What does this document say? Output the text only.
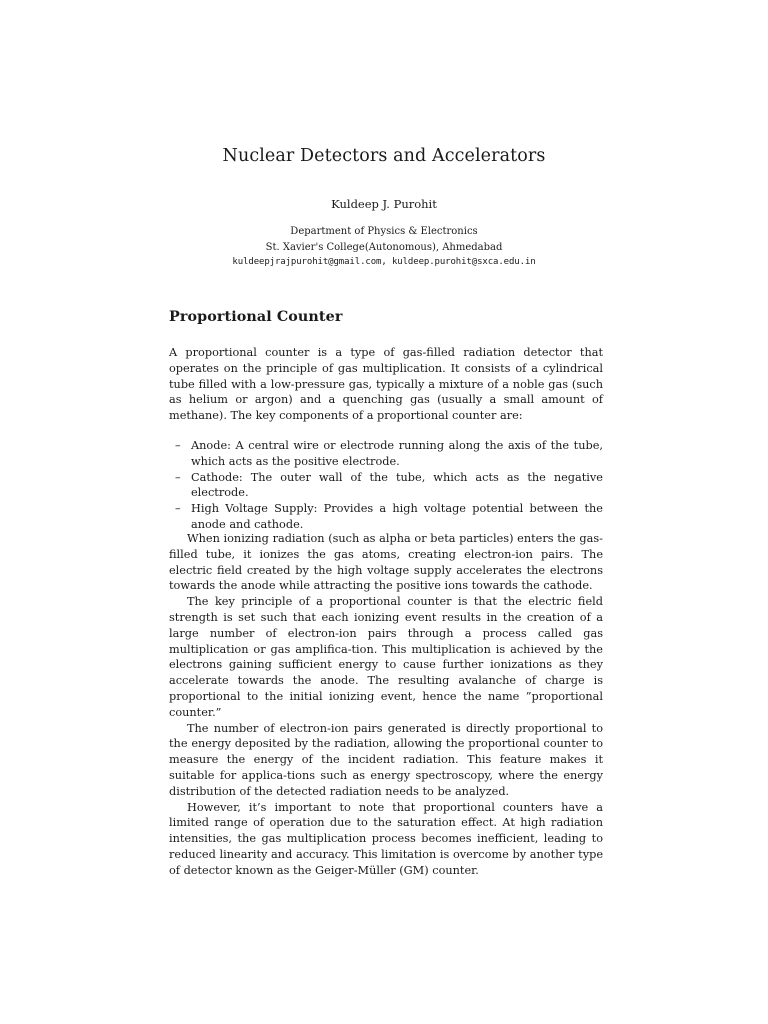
Nuclear Detectors and Accelerators
Kuldeep J. Purohit
Department of Physics & Electronics
St. Xavier's College(Autonomous), Ahmedabad
kuldeepjrajpurohit@gmail.com, kuldeep.purohit@sxca.edu.in
Proportional Counter
A proportional counter is a type of gas-filled radiation detector that operates on the principle of gas multiplication. It consists of a cylindrical tube filled with a low-pressure gas, typically a mixture of a noble gas (such as helium or argon) and a quenching gas (usually a small amount of methane). The key components of a proportional counter are:
– Anode: A central wire or electrode running along the axis of the tube, which acts as the positive electrode.
– Cathode: The outer wall of the tube, which acts as the negative electrode.
– High Voltage Supply: Provides a high voltage potential between the anode and cathode.

When ionizing radiation (such as alpha or beta particles) enters the gas-filled tube, it ionizes the gas atoms, creating electron-ion pairs. The electric field created by the high voltage supply accelerates the electrons towards the anode while attracting the positive ions towards the cathode.

The key principle of a proportional counter is that the electric field strength is set such that each ionizing event results in the creation of a large number of electron-ion pairs through a process called gas multiplication or gas amplifica-tion. This multiplication is achieved by the electrons gaining sufficient energy to cause further ionizations as they accelerate towards the anode. The resulting avalanche of charge is proportional to the initial ionizing event, hence the name ”proportional counter.”

The number of electron-ion pairs generated is directly proportional to the energy deposited by the radiation, allowing the proportional counter to measure the energy of the incident radiation. This feature makes it suitable for applica-tions such as energy spectroscopy, where the energy distribution of the detected radiation needs to be analyzed.

However, it’s important to note that proportional counters have a limited range of operation due to the saturation effect. At high radiation intensities, the gas multiplication process becomes inefficient, leading to reduced linearity and accuracy. This limitation is overcome by another type of detector known as the Geiger-Müller (GM) counter.
